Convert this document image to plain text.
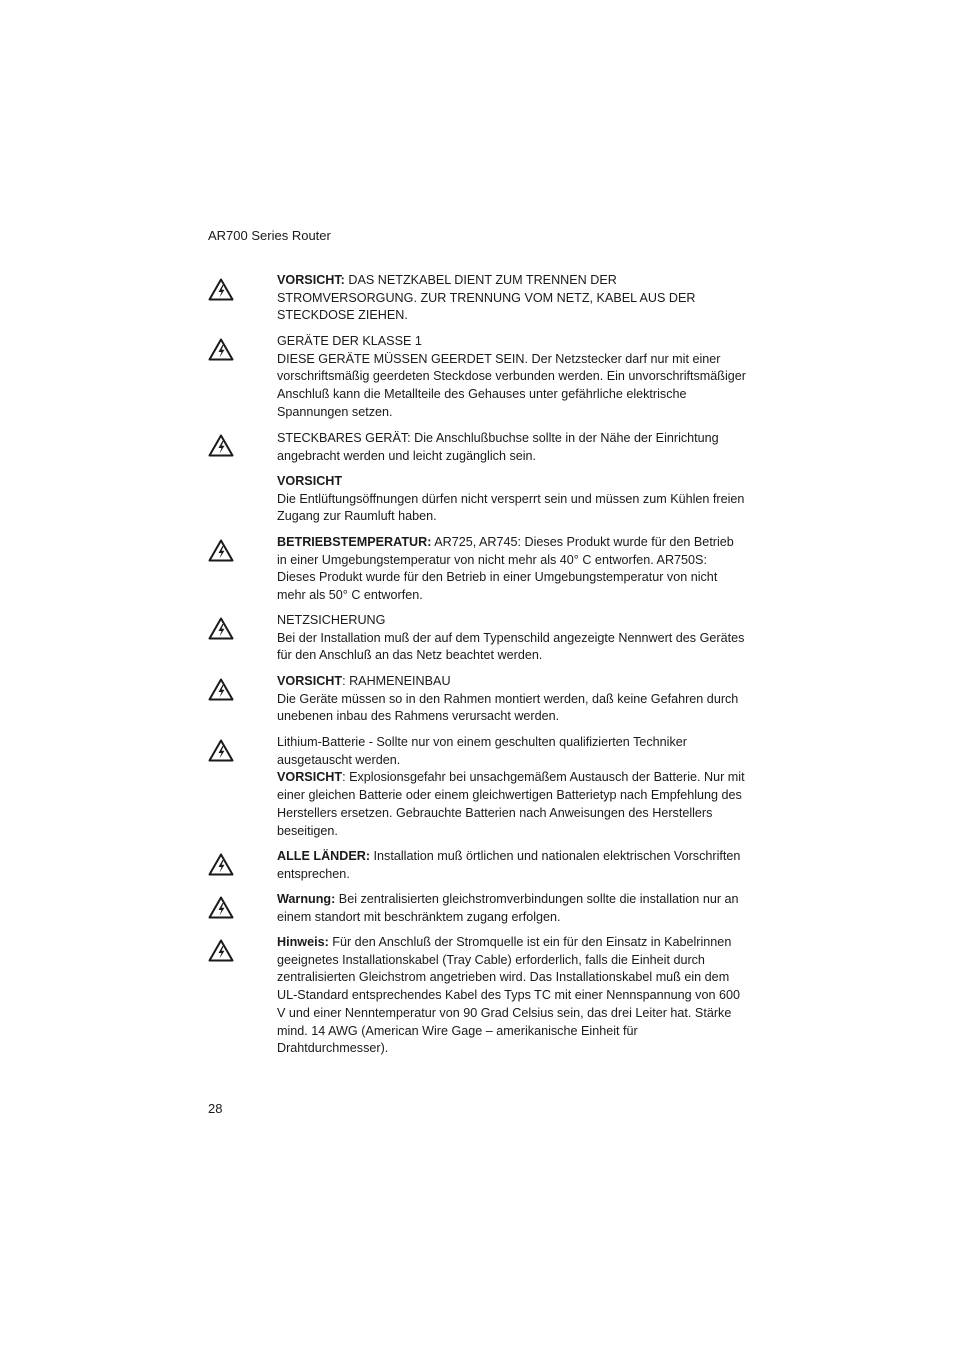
AR700 Series Router

VORSICHT: DAS NETZKABEL DIENT ZUM TRENNEN DER STROMVERSORGUNG. ZUR TRENNUNG VOM NETZ, KABEL AUS DER STECKDOSE ZIEHEN.

GERÄTE DER KLASSE 1

DIESE GERÄTE MÜSSEN GEERDET SEIN. Der Netzstecker darf nur mit einer vorschriftsmäßig geerdeten Steckdose verbunden werden. Ein unvorschriftsmäßiger Anschluß kann die Metallteile des Gehauses unter gefährliche elektrische Spannungen setzen.

STECKBARES GERÄT: Die Anschlußbuchse sollte in der Nähe der Einrichtung angebracht werden und leicht zugänglich sein.

VORSICHT

Die Entlüftungsöffnungen dürfen nicht versperrt sein und müssen zum Kühlen freien Zugang zur Raumluft haben.

BETRIEBSTEMPERATUR: AR725, AR745: Dieses Produkt wurde für den Betrieb in einer Umgebungstemperatur von nicht mehr als 40° C entworfen. AR750S: Dieses Produkt wurde für den Betrieb in einer Umgebungstemperatur von nicht mehr als 50° C entworfen.

NETZSICHERUNG

Bei der Installation muß der auf dem Typenschild angezeigte Nennwert des Gerätes für den Anschluß an das Netz beachtet werden.

VORSICHT: RAHMENEINBAU

Die Geräte müssen so in den Rahmen montiert werden, daß keine Gefahren durch unebenen inbau des Rahmens verursacht werden.

Lithium-Batterie - Sollte nur von einem geschulten qualifizierten Techniker ausgetauscht werden.

VORSICHT: Explosionsgefahr bei unsachgemäßem Austausch der Batterie. Nur mit einer gleichen Batterie oder einem gleichwertigen Batterietyp nach Empfehlung des Herstellers ersetzen. Gebrauchte Batterien nach Anweisungen des Herstellers beseitigen.

ALLE LÄNDER: Installation muß örtlichen und nationalen elektrischen Vorschriften entsprechen.

Warnung: Bei zentralisierten gleichstromverbindungen sollte die installation nur an einem standort mit beschränktem zugang erfolgen.

Hinweis: Für den Anschluß der Stromquelle ist ein für den Einsatz in Kabelrinnen geeignetes Installationskabel (Tray Cable) erforderlich, falls die Einheit durch zentralisierten Gleichstrom angetrieben wird. Das Installationskabel muß ein dem UL-Standard entsprechendes Kabel des Typs TC mit einer Nennspannung von 600 V und einer Nenntemperatur von 90 Grad Celsius sein, das drei Leiter hat. Stärke mind. 14 AWG (American Wire Gage – amerikanische Einheit für Drahtdurchmesser).

28
